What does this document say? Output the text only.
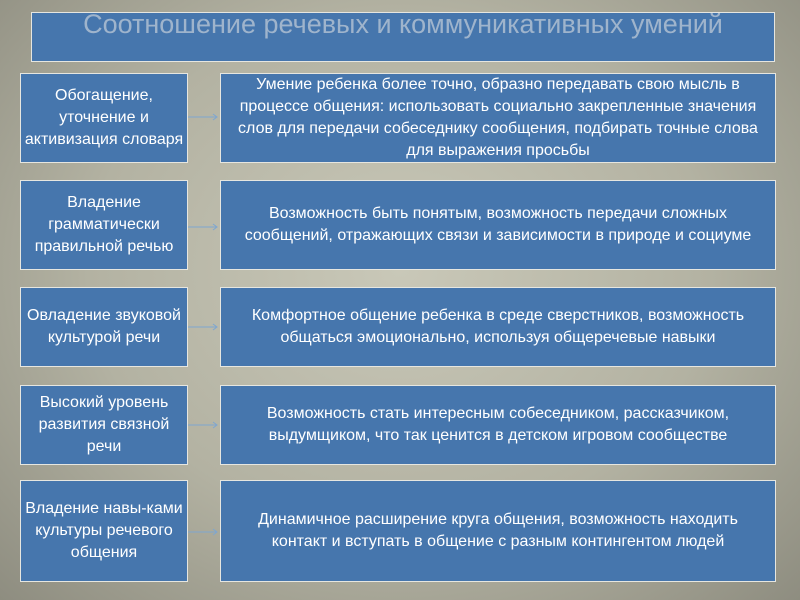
Соотношение речевых и коммуникативных умений
Обогащение, уточнение и активизация словаря
Умение ребенка более точно, образно передавать свою мысль в процессе общения: использовать социально закрепленные значения слов для передачи собеседнику сообщения, подбирать точные слова для выражения просьбы
Владение грамматически правильной речью
Возможность быть понятым, возможность передачи сложных сообщений, отражающих связи и зависимости в природе и социуме
Овладение звуковой культурой речи
Комфортное общение ребенка в среде сверстников, возможность общаться эмоционально, используя общеречевые навыки
Высокий уровень развития связной речи
Возможность стать интересным собеседником, рассказчиком, выдумщиком, что так ценится в детском игровом сообществе
Владение навы-ками культуры речевого общения
Динамичное расширение круга общения, возможность находить контакт и вступать в общение с разным контингентом людей
